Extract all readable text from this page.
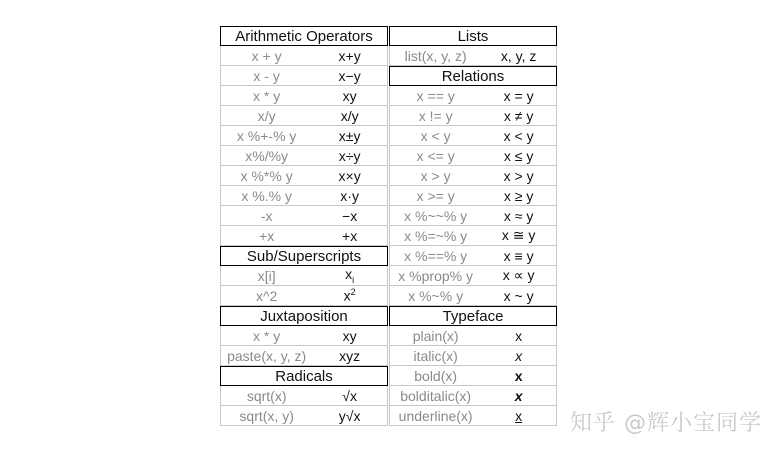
Arithmetic Operators
x + y	x+y
x - y	x−y
x * y	xy
x/y	x/y
x %+-% y	x±y
x%/%y	x÷y
x %*% y	x×y
x %.% y	x·y
-x	−x
+x	+x
Sub/Superscripts
x[i]	$x_i$
x^2	$x^2$
Juxtaposition
x * y	xy
paste(x, y, z)	xyz
Radicals
sqrt(x)	√x
sqrt(x, y)	y√x
Lists
list(x, y, z)	x, y, z
Relations
x == y	x = y
x != y	x ≠ y
x < y	x < y
x <= y	x ≤ y
x > y	x > y
x >= y	x ≥ y
x %~~% y	x ≈ y
x %=~% y	x ≅ y
x %==% y	x ≡ y
x %prop% y	x ∝ y
x %~% y	x ~ y
Typeface
plain(x)	x
italic(x)	x
bold(x)	x
bolditalic(x)	x
underline(x)	x	知乎 @辉小宝同学
